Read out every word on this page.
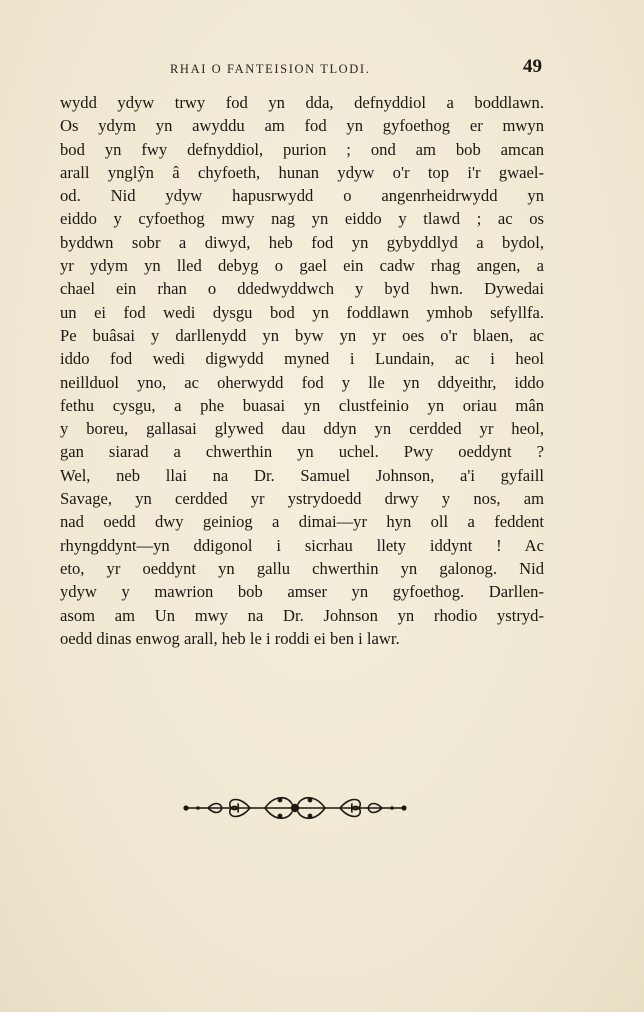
RHAI O FANTEISION TLODI.	49
wydd ydyw trwy fod yn dda, defnyddiol a boddlawn.
Os ydym yn awyddu am fod yn gyfoethog er mwyn
bod yn fwy defnyddiol, purion ; ond am bob amcan
arall ynglŷn â chyfoeth, hunan ydyw o'r top i'r gwael-
od. Nid ydyw hapusrwydd o angenrheidrwydd yn
eiddo y cyfoethog mwy nag yn eiddo y tlawd ; ac os
byddwn sobr a diwyd, heb fod yn gybyddlyd a bydol,
yr ydym yn lled debyg o gael ein cadw rhag angen, a
chael ein rhan o ddedwyddwch y byd hwn. Dywedai
un ei fod wedi dysgu bod yn foddlawn ymhob sefyllfa.
Pe buâsai y darllenydd yn byw yn yr oes o'r blaen, ac
iddo fod wedi digwydd myned i Lundain, ac i heol
neillduol yno, ac oherwydd fod y lle yn ddyeithr, iddo
fethu cysgu, a phe buasai yn clustfeinio yn oriau mân
y boreu, gallasai glywed dau ddyn yn cerdded yr heol,
gan siarad a chwerthin yn uchel. Pwy oeddynt ?
Wel, neb llai na Dr. Samuel Johnson, a'i gyfaill
Savage, yn cerdded yr ystrydoedd drwy y nos, am
nad oedd dwy geiniog a dimai—yr hyn oll a feddent
rhyngddynt—yn ddigonol i sicrhau llety iddynt ! Ac
eto, yr oeddynt yn gallu chwerthin yn galonog. Nid
ydyw y mawrion bob amser yn gyfoethog. Darllen-
asom am Un mwy na Dr. Johnson yn rhodio ystryd-
oedd dinas enwog arall, heb le i roddi ei ben i lawr.
